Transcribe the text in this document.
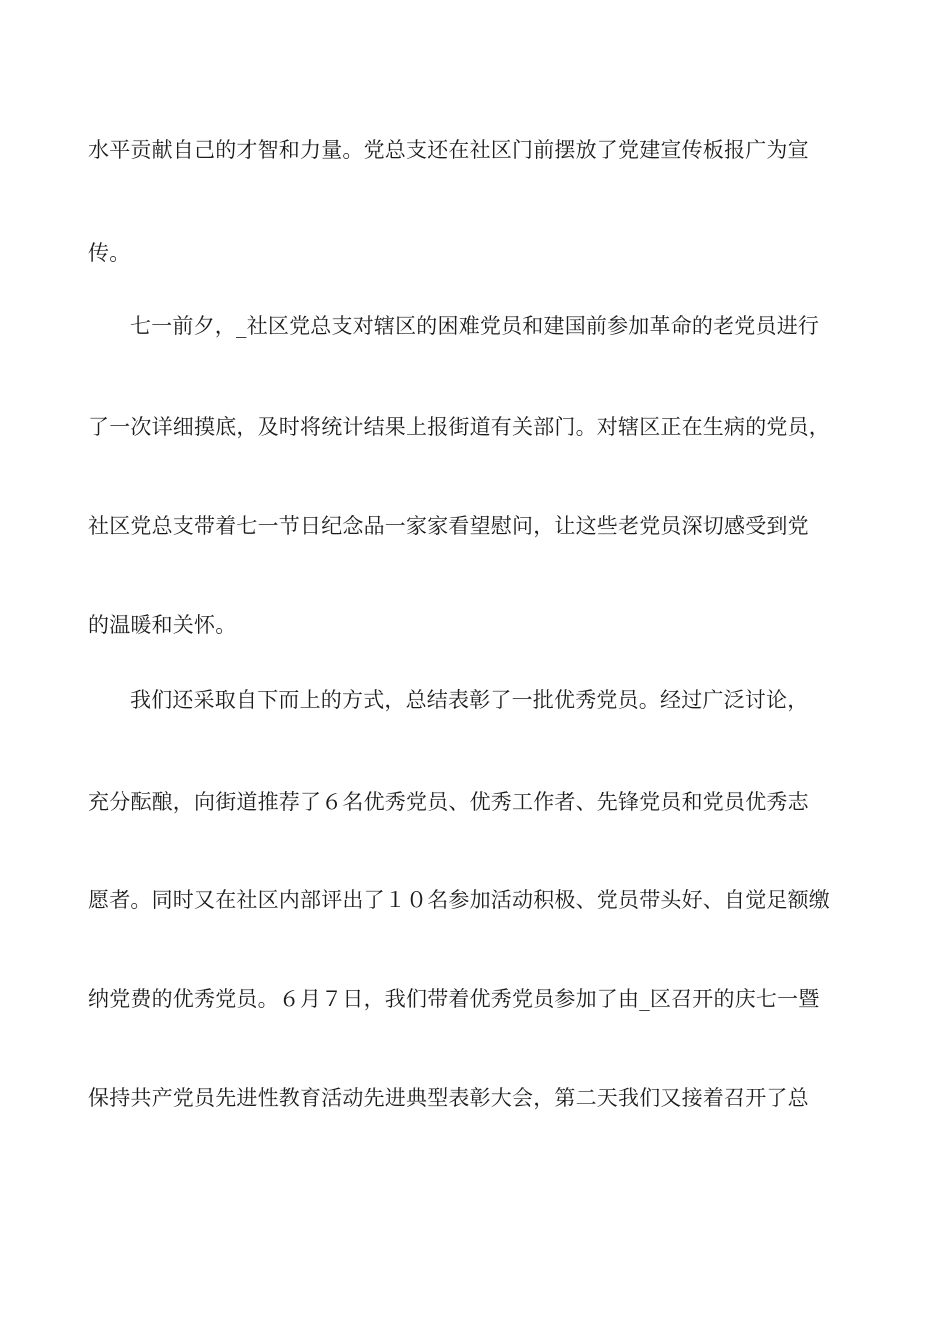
水平贡献自己的才智和力量。党总支还在社区门前摆放了党建宣传板报广为宣
传。
七一前夕，_社区党总支对辖区的困难党员和建国前参加革命的老党员进行
了一次详细摸底，及时将统计结果上报街道有关部门。对辖区正在生病的党员，
社区党总支带着七一节日纪念品一家家看望慰问，让这些老党员深切感受到党
的温暖和关怀。
我们还采取自下而上的方式，总结表彰了一批优秀党员。经过广泛讨论，
充分酝酿，向街道推荐了６名优秀党员、优秀工作者、先锋党员和党员优秀志
愿者。同时又在社区内部评出了１０名参加活动积极、党员带头好、自觉足额缴
纳党费的优秀党员。６月７日，我们带着优秀党员参加了由_区召开的庆七一暨
保持共产党员先进性教育活动先进典型表彰大会，第二天我们又接着召开了总
